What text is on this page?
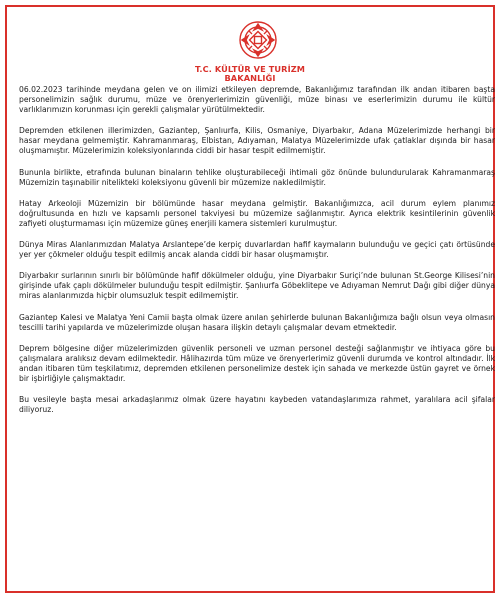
T.C. KÜLTÜR VE TURİZM
BAKANLIĞI

06.02.2023 tarihinde meydana gelen ve on ilimizi etkileyen depremde, Bakanlığımız tarafından ilk andan itibaren başta personelimizin sağlık durumu, müze ve örenyerlerimizin güvenliği, müze binası ve eserlerimizin durumu ile kültür varlıklarımızın korunması için gerekli çalışmalar yürütülmektedir.

Depremden etkilenen illerimizden, Gaziantep, Şanlıurfa, Kilis, Osmaniye, Diyarbakır, Adana Müzelerimizde herhangi bir hasar meydana gelmemiştir. Kahramanmaraş, Elbistan, Adıyaman, Malatya Müzelerimizde ufak çatlaklar dışında bir hasar oluşmamıştır. Müzelerimizin koleksiyonlarında ciddi bir hasar tespit edilmemiştir.

Bununla birlikte, etrafında bulunan binaların tehlike oluşturabileceği ihtimali göz önünde bulundurularak Kahramanmaraş Müzemizin taşınabilir nitelikteki koleksiyonu güvenli bir müzemize nakledilmiştir.

Hatay Arkeoloji Müzemizin bir bölümünde hasar meydana gelmiştir. Bakanlığımızca, acil durum eylem planımız doğrultusunda en hızlı ve kapsamlı personel takviyesi bu müzemize sağlanmıştır. Ayrıca elektrik kesintilerinin güvenlik zafiyeti oluşturmaması için müzemize güneş enerjili kamera sistemleri kurulmuştur.

Dünya Miras Alanlarımızdan Malatya Arslantepe’de kerpiç duvarlardan hafif kaymaların bulunduğu ve geçici çatı örtüsünde yer yer çökmeler olduğu tespit edilmiş ancak alanda ciddi bir hasar oluşmamıştır.

Diyarbakır surlarının sınırlı bir bölümünde hafif dökülmeler olduğu, yine Diyarbakır Suriçi’nde bulunan St.George Kilisesi’nin girişinde ufak çaplı dökülmeler bulunduğu tespit edilmiştir. Şanlıurfa Göbeklitepe ve Adıyaman Nemrut Dağı gibi diğer dünya miras alanlarımızda hiçbir olumsuzluk tespit edilmemiştir.

Gaziantep Kalesi ve Malatya Yeni Camii başta olmak üzere anılan şehirlerde bulunan Bakanlığımıza bağlı olsun veya olmasın tescilli tarihi yapılarda ve müzelerimizde oluşan hasara ilişkin detaylı çalışmalar devam etmektedir.

Deprem bölgesine diğer müzelerimizden güvenlik personeli ve uzman personel desteği sağlanmıştır ve ihtiyaca göre bu çalışmalara aralıksız devam edilmektedir. Hâlihazırda tüm müze ve örenyerlerimiz güvenli durumda ve kontrol altındadır. İlk andan itibaren tüm teşkilatımız, depremden etkilenen personelimize destek için sahada ve merkezde üstün gayret ve örnek bir işbirliğiyle çalışmaktadır.

Bu vesileyle başta mesai arkadaşlarımız olmak üzere hayatını kaybeden vatandaşlarımıza rahmet, yaralılara acil şifalar diliyoruz.
